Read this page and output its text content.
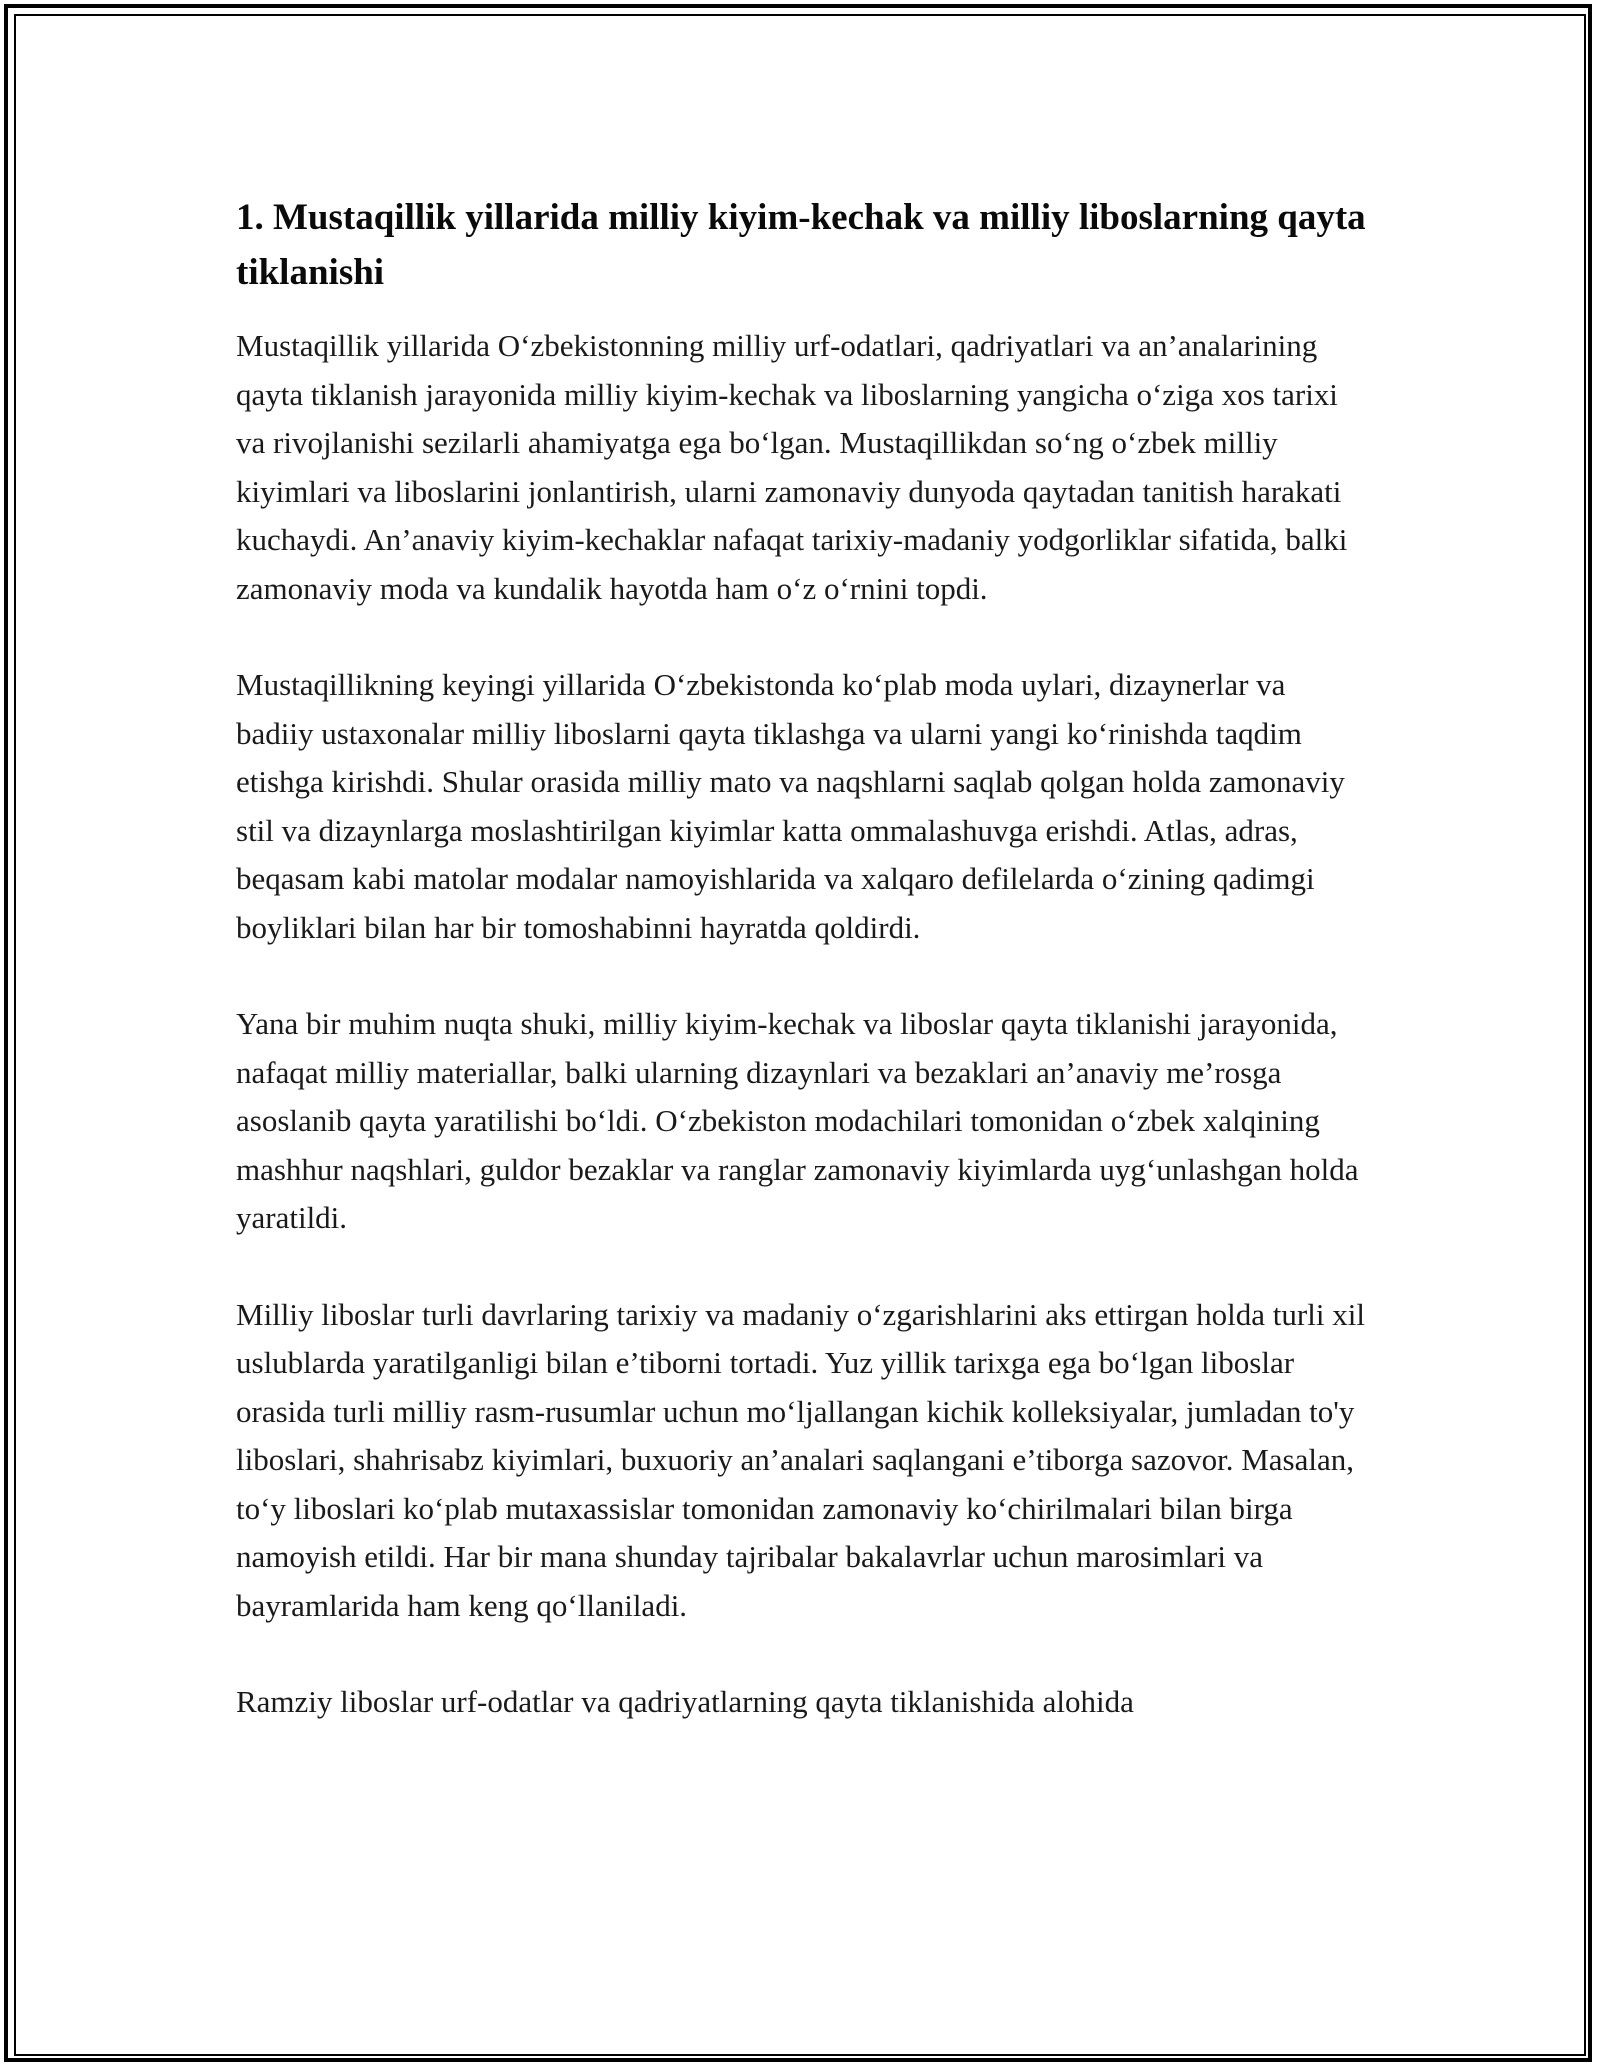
1. Mustaqillik yillarida milliy kiyim-kechak va milliy liboslarning qayta tiklanishi

Mustaqillik yillarida O‘zbekistonning milliy urf-odatlari, qadriyatlari va an’analarining qayta tiklanish jarayonida milliy kiyim-kechak va liboslarning yangicha o‘ziga xos tarixi va rivojlanishi sezilarli ahamiyatga ega bo‘lgan. Mustaqillikdan so‘ng o‘zbek milliy kiyimlari va liboslarini jonlantirish, ularni zamonaviy dunyoda qaytadan tanitish harakati kuchaydi. An’anaviy kiyim-kechaklar nafaqat tarixiy-madaniy yodgorliklar sifatida, balki zamonaviy moda va kundalik hayotda ham o‘z o‘rnini topdi.

Mustaqillikning keyingi yillarida O‘zbekistonda ko‘plab moda uylari, dizaynerlar va badiiy ustaxonalar milliy liboslarni qayta tiklashga va ularni yangi ko‘rinishda taqdim etishga kirishdi. Shular orasida milliy mato va naqshlarni saqlab qolgan holda zamonaviy stil va dizaynlarga moslashtirilgan kiyimlar katta ommalashuvga erishdi. Atlas, adras, beqasam kabi matolar modalar namoyishlarida va xalqaro defilelarda o‘zining qadimgi boyliklari bilan har bir tomoshabinni hayratda qoldirdi.

Yana bir muhim nuqta shuki, milliy kiyim-kechak va liboslar qayta tiklanishi jarayonida, nafaqat milliy materiallar, balki ularning dizaynlari va bezaklari an’anaviy me’rosga asoslanib qayta yaratilishi bo‘ldi. O‘zbekiston modachilari tomonidan o‘zbek xalqining mashhur naqshlari, guldor bezaklar va ranglar zamonaviy kiyimlarda uyg‘unlashgan holda yaratildi.

Milliy liboslar turli davrlaring tarixiy va madaniy o‘zgarishlarini aks ettirgan holda turli xil uslublarda yaratilganligi bilan e’tiborni tortadi. Yuz yillik tarixga ega bo‘lgan liboslar orasida turli milliy rasm-rusumlar uchun mo‘ljallangan kichik kolleksiyalar, jumladan to'y liboslari, shahrisabz kiyimlari, buxuoriy an’analari saqlangani e’tiborga sazovor. Masalan, to‘y liboslari ko‘plab mutaxassislar tomonidan zamonaviy ko‘chirilmalari bilan birga namoyish etildi. Har bir mana shunday tajribalar bakalavrlar uchun marosimlari va bayramlarida ham keng qo‘llaniladi.

Ramziy liboslar urf-odatlar va qadriyatlarning qayta tiklanishida alohida
